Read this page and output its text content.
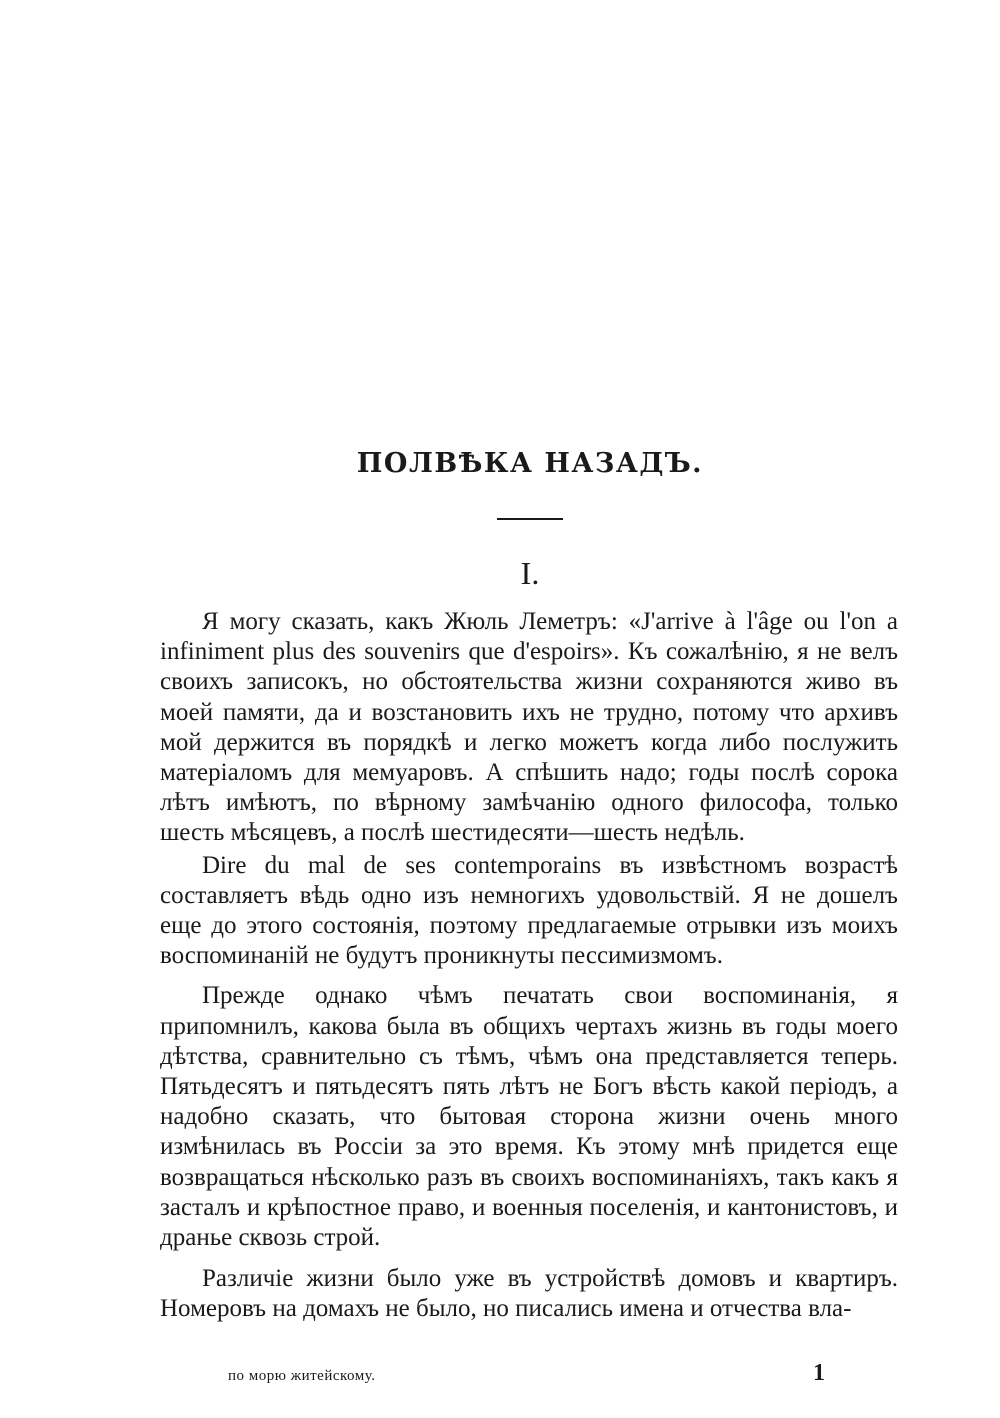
ПОЛВѢКА НАЗАДЪ.
I.

Я могу сказать, какъ Жюль Леметръ: «J'arrive à l'âge ou l'on a infiniment plus des souvenirs que d'espoirs». Къ сожалѣнію, я не велъ своихъ записокъ, но обстоятельства жизни сохраняются живо въ моей памяти, да и возстановить ихъ не трудно, потому что архивъ мой держится въ порядкѣ и легко можетъ когда либо послужить матеріаломъ для мемуаровъ. А спѣшить надо; годы послѣ сорока лѣтъ имѣютъ, по вѣрному замѣчанію одного философа, только шесть мѣсяцевъ, а послѣ шестидесяти—шесть недѣль.

Dire du mal de ses contemporains въ извѣстномъ возрастѣ составляетъ вѣдь одно изъ немногихъ удовольствій. Я не дошелъ еще до этого состоянія, поэтому предлагаемые отрывки изъ моихъ воспоминаній не будутъ проникнуты пессимизмомъ.

Прежде однако чѣмъ печатать свои воспоминанія, я припомнилъ, какова была въ общихъ чертахъ жизнь въ годы моего дѣтства, сравнительно съ тѣмъ, чѣмъ она представляется теперь. Пятьдесятъ и пятьдесятъ пять лѣтъ не Богъ вѣсть какой періодъ, а надобно сказать, что бытовая сторона жизни очень много измѣнилась въ Россіи за это время. Къ этому мнѣ придется еще возвращаться нѣсколько разъ въ своихъ воспоминаніяхъ, такъ какъ я засталъ и крѣпостное право, и военныя поселенія, и кантонистовъ, и дранье сквозь строй.

Различіе жизни было уже въ устройствѣ домовъ и квартиръ. Номеровъ на домахъ не было, но писались имена и отчества вла-

по морю житейскому.	1
